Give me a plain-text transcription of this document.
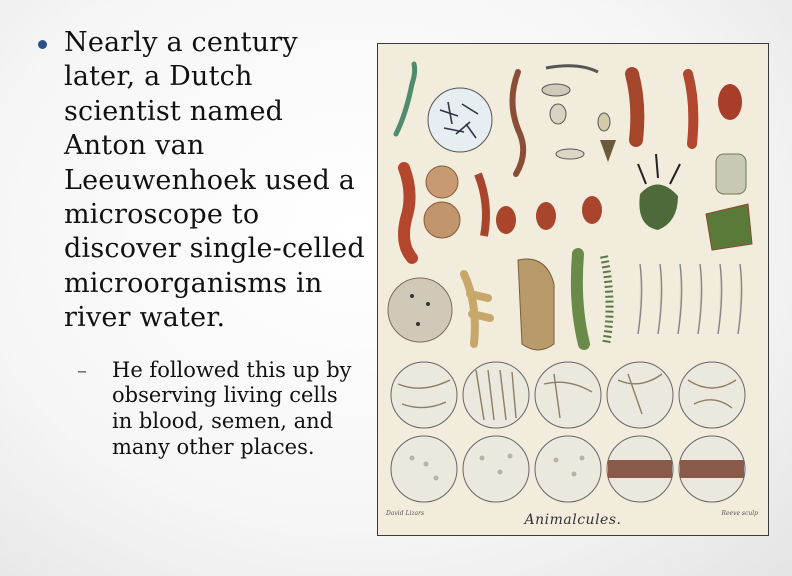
Nearly a century later, a Dutch scientist named Anton van Leeuwenhoek used a microscope to discover single-celled microorganisms in river water.

– He followed this up by observing living cells in blood, semen, and many other places.

David Lizars	Animalcules.	Reeve sculp
